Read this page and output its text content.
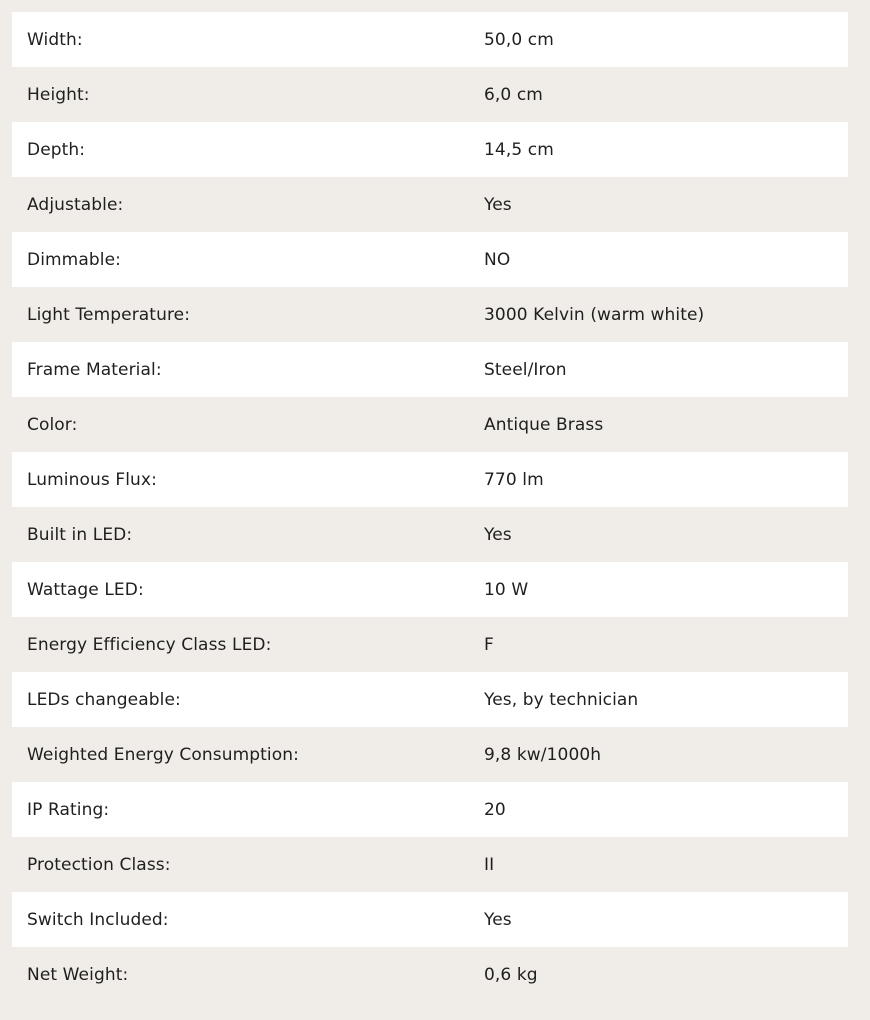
Width:	50,0 cm
Height:	6,0 cm
Depth:	14,5 cm
Adjustable:	Yes
Dimmable:	NO
Light Temperature:	3000 Kelvin (warm white)
Frame Material:	Steel/Iron
Color:	Antique Brass
Luminous Flux:	770 lm
Built in LED:	Yes
Wattage LED:	10 W
Energy Efficiency Class LED:	F
LEDs changeable:	Yes, by technician
Weighted Energy Consumption:	9,8 kw/1000h
IP Rating:	20
Protection Class:	II
Switch Included:	Yes
Net Weight:	0,6 kg
